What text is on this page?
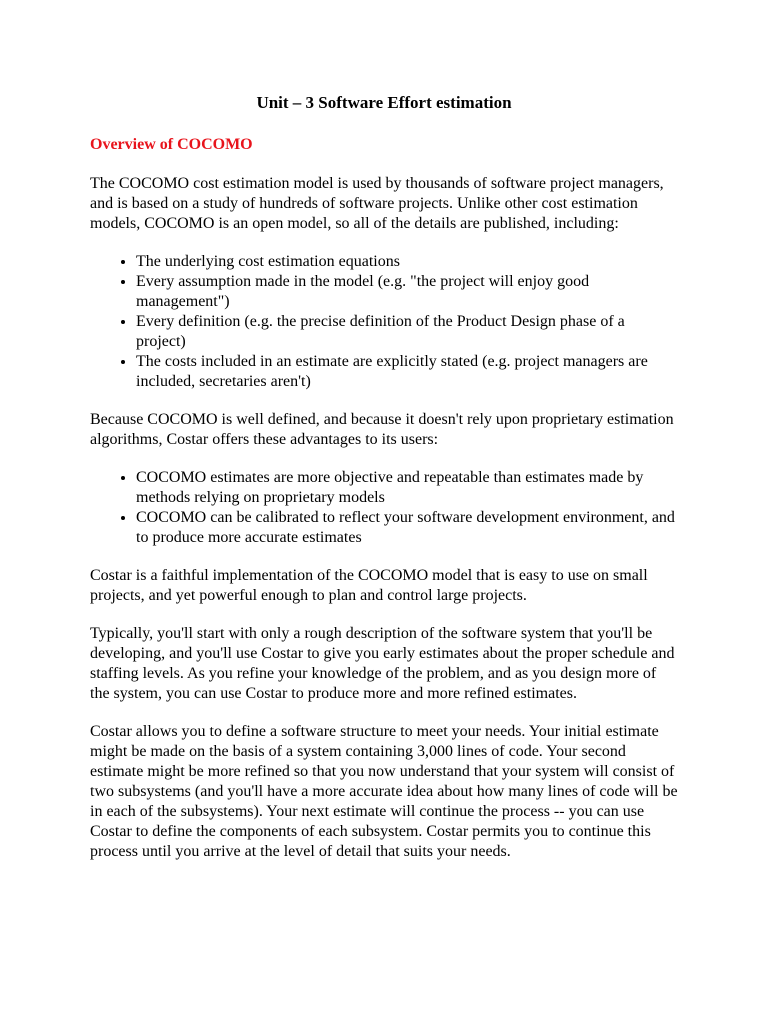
Unit – 3 Software Effort estimation
Overview of COCOMO

The COCOMO cost estimation model is used by thousands of software project managers, and is based on a study of hundreds of software projects. Unlike other cost estimation models, COCOMO is an open model, so all of the details are published, including:

• The underlying cost estimation equations
• Every assumption made in the model (e.g. "the project will enjoy good management")
• Every definition (e.g. the precise definition of the Product Design phase of a project)
• The costs included in an estimate are explicitly stated (e.g. project managers are included, secretaries aren't)

Because COCOMO is well defined, and because it doesn't rely upon proprietary estimation algorithms, Costar offers these advantages to its users:

• COCOMO estimates are more objective and repeatable than estimates made by methods relying on proprietary models
• COCOMO can be calibrated to reflect your software development environment, and to produce more accurate estimates

Costar is a faithful implementation of the COCOMO model that is easy to use on small projects, and yet powerful enough to plan and control large projects.

Typically, you'll start with only a rough description of the software system that you'll be developing, and you'll use Costar to give you early estimates about the proper schedule and staffing levels. As you refine your knowledge of the problem, and as you design more of the system, you can use Costar to produce more and more refined estimates.

Costar allows you to define a software structure to meet your needs. Your initial estimate might be made on the basis of a system containing 3,000 lines of code. Your second estimate might be more refined so that you now understand that your system will consist of two subsystems (and you'll have a more accurate idea about how many lines of code will be in each of the subsystems). Your next estimate will continue the process -- you can use Costar to define the components of each subsystem. Costar permits you to continue this process until you arrive at the level of detail that suits your needs.
